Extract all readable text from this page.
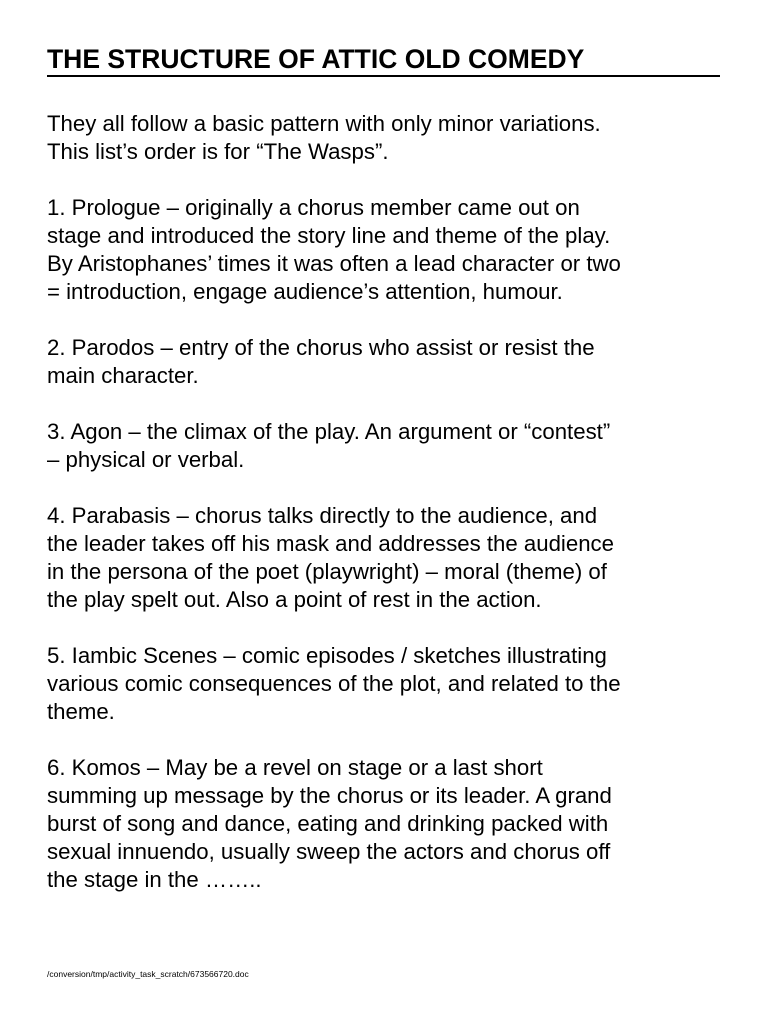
THE STRUCTURE OF ATTIC OLD COMEDY

They all follow a basic pattern with only minor variations.
This list’s order is for “The Wasps”.

1. Prologue – originally a chorus member came out on
stage and introduced the story line and theme of the play.
By Aristophanes’ times it was often a lead character or two
= introduction, engage audience’s attention, humour.

2. Parodos – entry of the chorus who assist or resist the
main character.

3. Agon – the climax of the play. An argument or “contest”
– physical or verbal.

4. Parabasis – chorus talks directly to the audience, and
the leader takes off his mask and addresses the audience
in the persona of the poet (playwright) – moral (theme) of
the play spelt out. Also a point of rest in the action.

5. Iambic Scenes – comic episodes / sketches illustrating
various comic consequences of the plot, and related to the
theme.

6. Komos – May be a revel on stage or a last short
summing up message by the chorus or its leader. A grand
burst of song and dance, eating and drinking packed with
sexual innuendo, usually sweep the actors and chorus off
the stage in the ……..

/conversion/tmp/activity_task_scratch/673566720.doc
